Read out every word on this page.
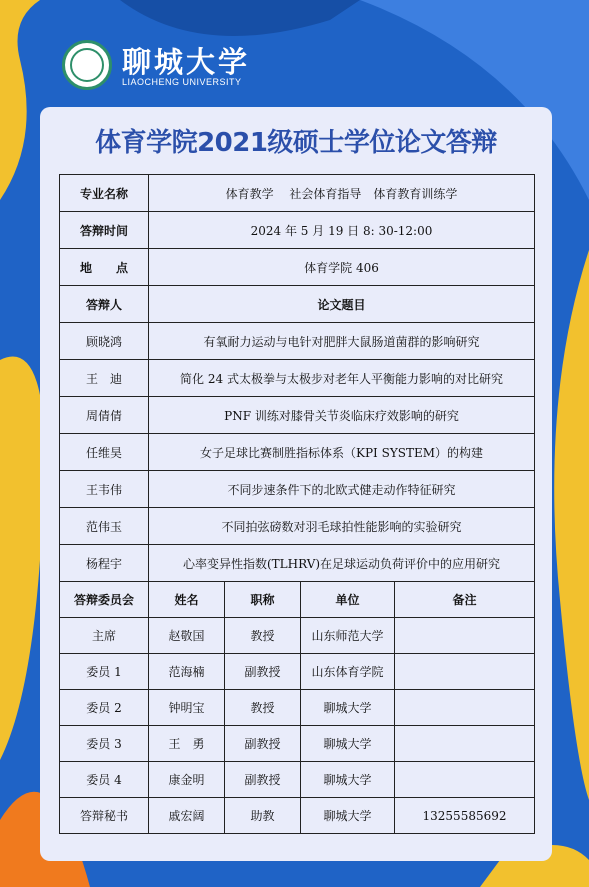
聊城大学
LIAOCHENG UNIVERSITY
体育学院2021级硕士学位论文答辩
专业名称	体育教学　 社会体育指导　体育教育训练学			
答辩时间	2024 年 5 月 19 日 8: 30-12:00			
地　　点	体育学院 406			
答辩人	论文题目			
顾晓鸿	有氧耐力运动与电针对肥胖大鼠肠道菌群的影响研究			
王　迪	简化 24 式太极拳与太极步对老年人平衡能力影响的对比研究			
周倩倩	PNF 训练对膝骨关节炎临床疗效影响的研究			
任维昊	女子足球比赛制胜指标体系（KPI SYSTEM）的构建			
王韦伟	不同步速条件下的北欧式健走动作特征研究			
范伟玉	不同拍弦磅数对羽毛球拍性能影响的实验研究			
杨程宇	心率变异性指数(TLHRV)在足球运动负荷评价中的应用研究			
答辩委员会	姓名	职称	单位	备注
主席	赵敬国	教授	山东师范大学	
委员 1	范海楠	副教授	山东体育学院	
委员 2	钟明宝	教授	聊城大学	
委员 3	王　勇	副教授	聊城大学	
委员 4	康金明	副教授	聊城大学	
答辩秘书	戚宏阔	助教	聊城大学	13255585692
